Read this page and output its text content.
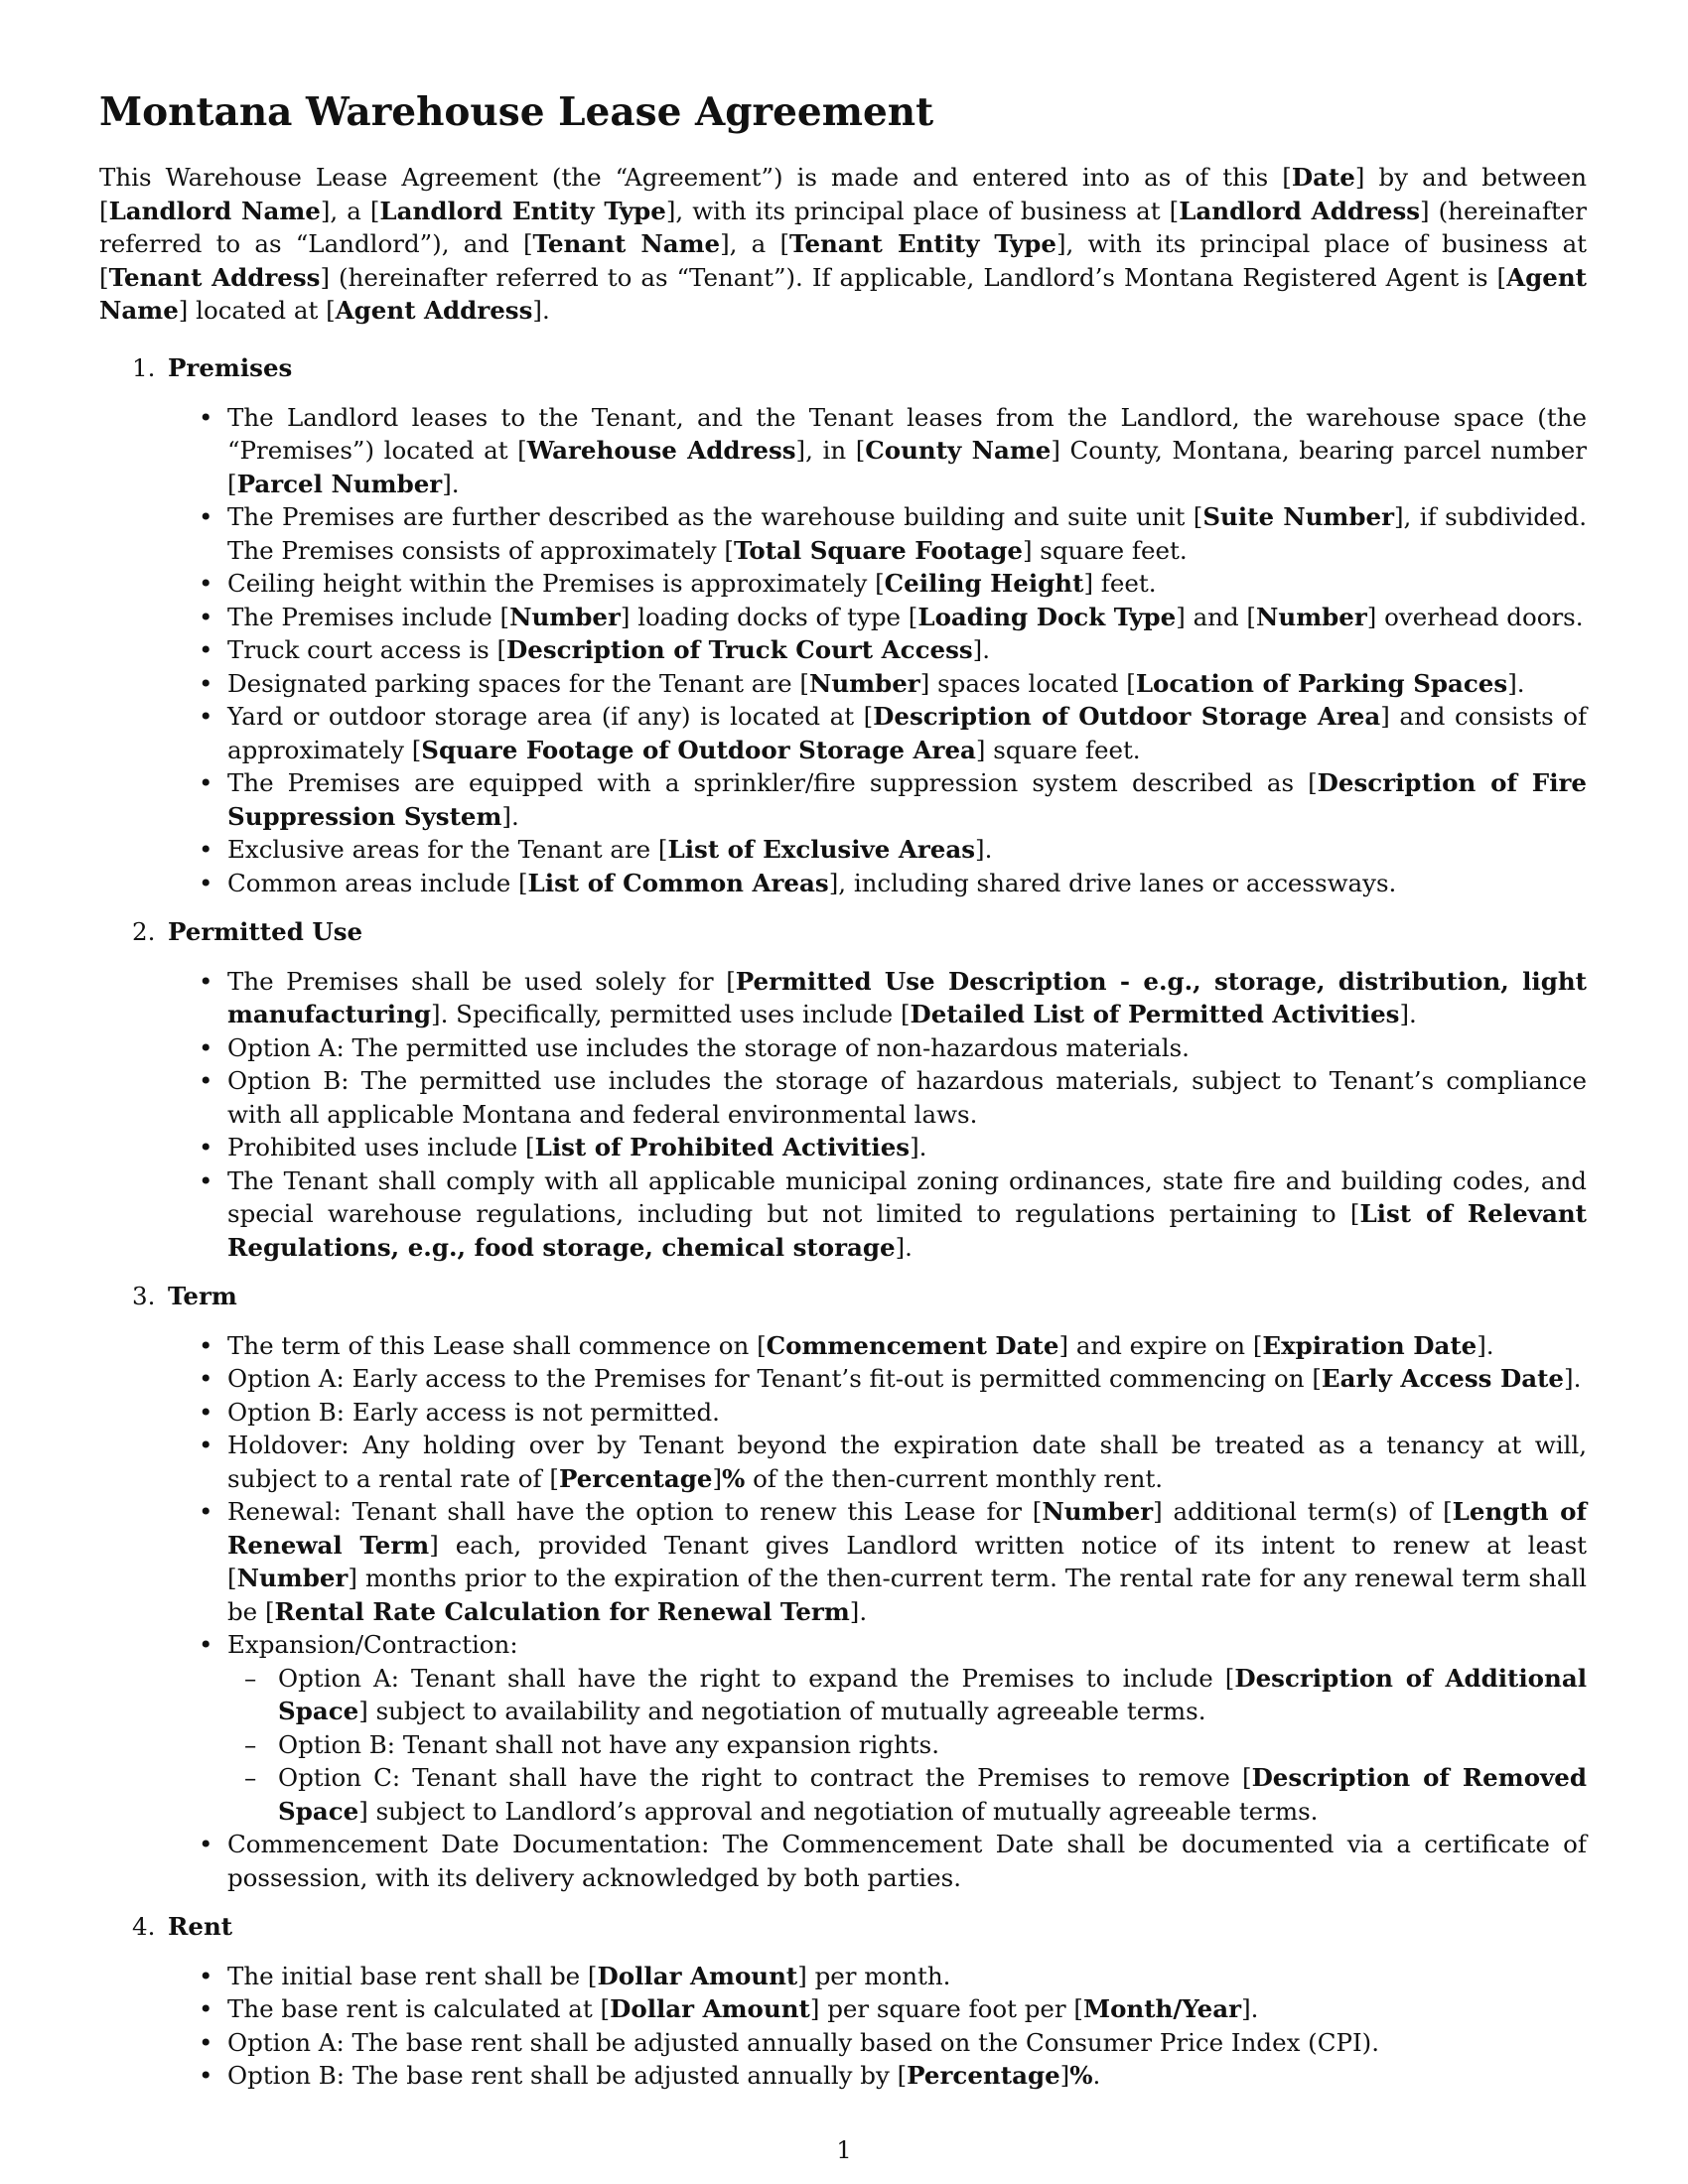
Montana Warehouse Lease Agreement

This Warehouse Lease Agreement (the “Agreement”) is made and entered into as of this [Date] by and between [Landlord Name], a [Landlord Entity Type], with its principal place of business at [Landlord Address] (hereinafter referred to as “Landlord”), and [Tenant Name], a [Tenant Entity Type], with its principal place of business at [Tenant Address] (hereinafter referred to as “Tenant”). If applicable, Landlord’s Montana Registered Agent is [Agent Name] located at [Agent Address].

1. Premises
• The Landlord leases to the Tenant, and the Tenant leases from the Landlord, the warehouse space (the “Premises”) located at [Warehouse Address], in [County Name] County, Montana, bearing parcel number [Parcel Number].
• The Premises are further described as the warehouse building and suite unit [Suite Number], if subdivided. The Premises consists of approximately [Total Square Footage] square feet.
• Ceiling height within the Premises is approximately [Ceiling Height] feet.
• The Premises include [Number] loading docks of type [Loading Dock Type] and [Number] overhead doors.
• Truck court access is [Description of Truck Court Access].
• Designated parking spaces for the Tenant are [Number] spaces located [Location of Parking Spaces].
• Yard or outdoor storage area (if any) is located at [Description of Outdoor Storage Area] and consists of approximately [Square Footage of Outdoor Storage Area] square feet.
• The Premises are equipped with a sprinkler/fire suppression system described as [Description of Fire Suppression System].
• Exclusive areas for the Tenant are [List of Exclusive Areas].
• Common areas include [List of Common Areas], including shared drive lanes or accessways.
2. Permitted Use
• The Premises shall be used solely for [Permitted Use Description - e.g., storage, distribution, light manufacturing]. Specifically, permitted uses include [Detailed List of Permitted Activities].
• Option A: The permitted use includes the storage of non-hazardous materials.
• Option B: The permitted use includes the storage of hazardous materials, subject to Tenant’s compliance with all applicable Montana and federal environmental laws.
• Prohibited uses include [List of Prohibited Activities].
• The Tenant shall comply with all applicable municipal zoning ordinances, state fire and building codes, and special warehouse regulations, including but not limited to regulations pertaining to [List of Relevant Regulations, e.g., food storage, chemical storage].
3. Term
• The term of this Lease shall commence on [Commencement Date] and expire on [Expiration Date].
• Option A: Early access to the Premises for Tenant’s fit-out is permitted commencing on [Early Access Date].
• Option B: Early access is not permitted.
• Holdover: Any holding over by Tenant beyond the expiration date shall be treated as a tenancy at will, subject to a rental rate of [Percentage]% of the then-current monthly rent.
• Renewal: Tenant shall have the option to renew this Lease for [Number] additional term(s) of [Length of Renewal Term] each, provided Tenant gives Landlord written notice of its intent to renew at least [Number] months prior to the expiration of the then-current term. The rental rate for any renewal term shall be [Rental Rate Calculation for Renewal Term].
• Expansion/Contraction:
– Option A: Tenant shall have the right to expand the Premises to include [Description of Additional Space] subject to availability and negotiation of mutually agreeable terms.
– Option B: Tenant shall not have any expansion rights.
– Option C: Tenant shall have the right to contract the Premises to remove [Description of Removed Space] subject to Landlord’s approval and negotiation of mutually agreeable terms.
• Commencement Date Documentation: The Commencement Date shall be documented via a certificate of possession, with its delivery acknowledged by both parties.
4. Rent
• The initial base rent shall be [Dollar Amount] per month.
• The base rent is calculated at [Dollar Amount] per square foot per [Month/Year].
• Option A: The base rent shall be adjusted annually based on the Consumer Price Index (CPI).
• Option B: The base rent shall be adjusted annually by [Percentage]%.
1
